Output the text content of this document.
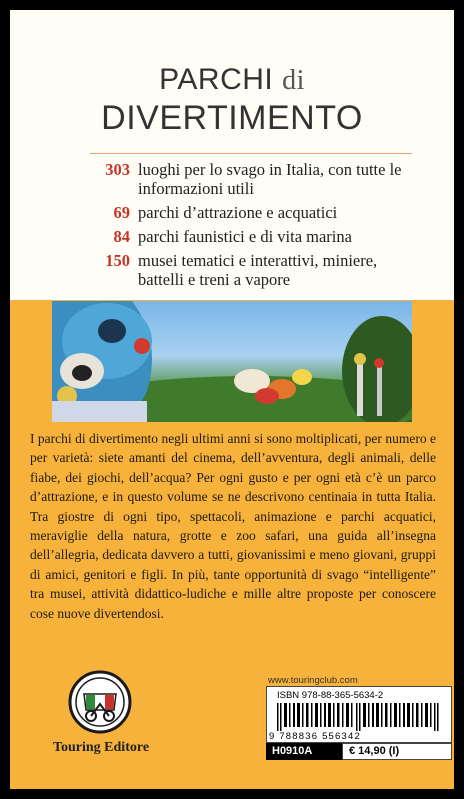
PARCHI di
DIVERTIMENTO
303 luoghi per lo svago in Italia, con tutte le informazioni utili
69 parchi d’attrazione e acquatici
84 parchi faunistici e di vita marina
150 musei tematici e interattivi, miniere, battelli e treni a vapore

I parchi di divertimento negli ultimi anni si sono moltiplicati, per numero e per varietà: siete amanti del cinema, dell’avventura, degli animali, delle fiabe, dei giochi, dell’acqua? Per ogni gusto e per ogni età c’è un parco d’attrazione, e in questo volume se ne descrivono centinaia in tutta Italia. Tra giostre di ogni tipo, spettacoli, animazione e parchi acquatici, meraviglie della natura, grotte e zoo safari, una guida all’insegna dell’allegria, dedicata davvero a tutti, giovanissimi e meno giovani, gruppi di amici, genitori e figli. In più, tante opportunità di svago “intelligente” tra musei, attività didattico-ludiche e mille altre proposte per conoscere cose nuove divertendosi.

Touring Editore
www.touringclub.com
ISBN 978-88-365-5634-2
9 788836 556342
H0910A	€ 14,90 (I)
